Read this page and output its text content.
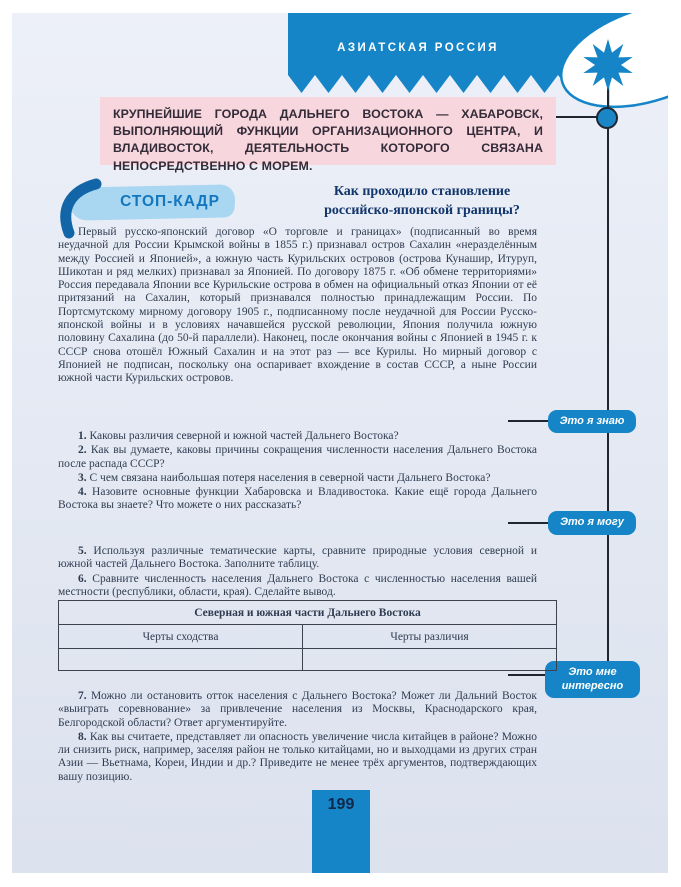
АЗИАТСКАЯ РОССИЯ
КРУПНЕЙШИЕ ГОРОДА ДАЛЬНЕГО ВОСТОКА — ХАБАРОВСК, ВЫПОЛНЯЮЩИЙ ФУНКЦИИ ОРГАНИЗАЦИОННОГО ЦЕНТРА, И ВЛАДИВОСТОК, ДЕЯТЕЛЬНОСТЬ КОТОРОГО СВЯЗАНА НЕПОСРЕДСТВЕННО С МОРЕМ.
СТОП-КАДР
Как проходило становление
российско-японской границы?

Первый русско-японский договор «О торговле и границах» (подписанный во время неудачной для России Крымской войны в 1855 г.) признавал остров Сахалин «неразделённым между Россией и Японией», а южную часть Курильских островов (острова Кунашир, Итуруп, Шикотан и ряд мелких) признавал за Японией. По договору 1875 г. «Об обмене территориями» Россия передавала Японии все Курильские острова в обмен на официальный отказ Японии от её притязаний на Сахалин, который признавался полностью принадлежащим России. По Портсмутскому мирному договору 1905 г., подписанному после неудачной для России Русско-японской войны и в условиях начавшейся русской революции, Япония получила южную половину Сахалина (до 50-й параллели). Наконец, после окончания войны с Японией в 1945 г. к СССР снова отошёл Южный Сахалин и на этот раз — все Курилы. Но мирный договор с Японией не подписан, поскольку она оспаривает вхождение в состав СССР, а ныне России южной части Курильских островов.

Это я знаю
Это я могу
Это мне интересно

1. Каковы различия северной и южной частей Дальнего Востока?

2. Как вы думаете, каковы причины сокращения численности населения Дальнего Востока после распада СССР?

3. С чем связана наибольшая потеря населения в северной части Дальнего Востока?

4. Назовите основные функции Хабаровска и Владивостока. Какие ещё города Дальнего Востока вы знаете? Что можете о них рассказать?

5. Используя различные тематические карты, сравните природные условия северной и южной частей Дальнего Востока. Заполните таблицу.

6. Сравните численность населения Дальнего Востока с численностью населения вашей местности (республики, области, края). Сделайте вывод.

Северная и южная части Дальнего Востока	
Черты сходства	Черты различия

7. Можно ли остановить отток населения с Дальнего Востока? Может ли Дальний Восток «выиграть соревнование» за привлечение населения из Москвы, Краснодарского края, Белгородской области? Ответ аргументируйте.

8. Как вы считаете, представляет ли опасность увеличение числа китайцев в районе? Можно ли снизить риск, например, заселяя район не только китайцами, но и выходцами из других стран Азии — Вьетнама, Кореи, Индии и др.? Приведите не менее трёх аргументов, подтверждающих вашу позицию.

199
